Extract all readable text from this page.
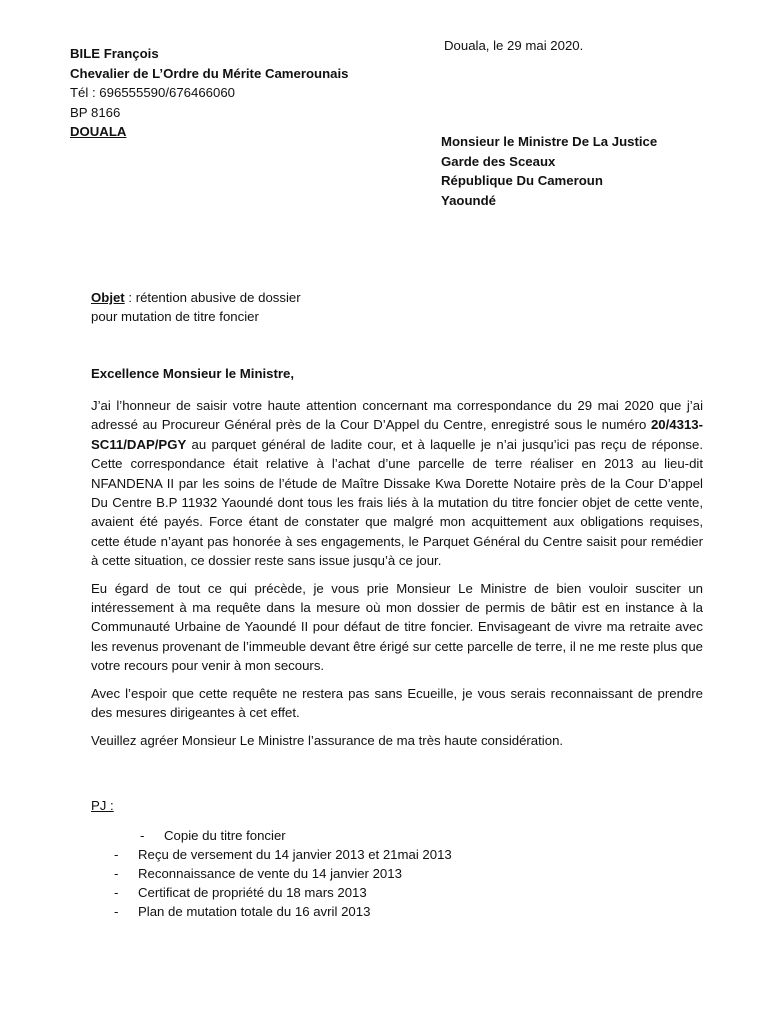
BILE François
Chevalier de L’Ordre du Mérite Camerounais
Tél : 696555590/676466060
BP 8166
DOUALA
Douala, le 29 mai 2020.
Monsieur le Ministre De La Justice
Garde des Sceaux
République Du Cameroun
Yaoundé
Objet : rétention abusive de dossier
pour mutation de titre foncier
Excellence Monsieur le Ministre,

J’ai l’honneur de saisir votre haute attention concernant ma correspondance du 29 mai 2020 que j’ai adressé au Procureur Général près de la Cour D’Appel du Centre, enregistré sous le numéro 20/4313-SC11/DAP/PGY au parquet général de ladite cour, et à laquelle je n’ai jusqu’ici pas reçu de réponse. Cette correspondance était relative à l’achat d’une parcelle de terre réaliser en 2013 au lieu-dit NFANDENA II par les soins de l’étude de Maître Dissake Kwa Dorette Notaire près de la Cour D’appel Du Centre B.P 11932 Yaoundé dont tous les frais liés à la mutation du titre foncier objet de cette vente, avaient été payés. Force étant de constater que malgré mon acquittement aux obligations requises, cette étude n’ayant pas honorée à ses engagements, le Parquet Général du Centre saisit pour remédier à cette situation, ce dossier reste sans issue jusqu’à ce jour.

Eu égard de tout ce qui précède, je vous prie Monsieur Le Ministre de bien vouloir susciter un intéressement à ma requête dans la mesure où mon dossier de permis de bâtir est en instance à la Communauté Urbaine de Yaoundé II pour défaut de titre foncier. Envisageant de vivre ma retraite avec les revenus provenant de l’immeuble devant être érigé sur cette parcelle de terre, il ne me reste plus que votre recours pour venir à mon secours.

Avec l’espoir que cette requête ne restera pas sans Ecueille, je vous serais reconnaissant de prendre des mesures dirigeantes à cet effet.

Veuillez agréer Monsieur Le Ministre l’assurance de ma très haute considération.

PJ :
- Copie du titre foncier
- Reçu de versement du 14 janvier 2013 et 21mai 2013
- Reconnaissance de vente du 14 janvier 2013
- Certificat de propriété du 18 mars 2013
- Plan de mutation totale du 16 avril 2013
